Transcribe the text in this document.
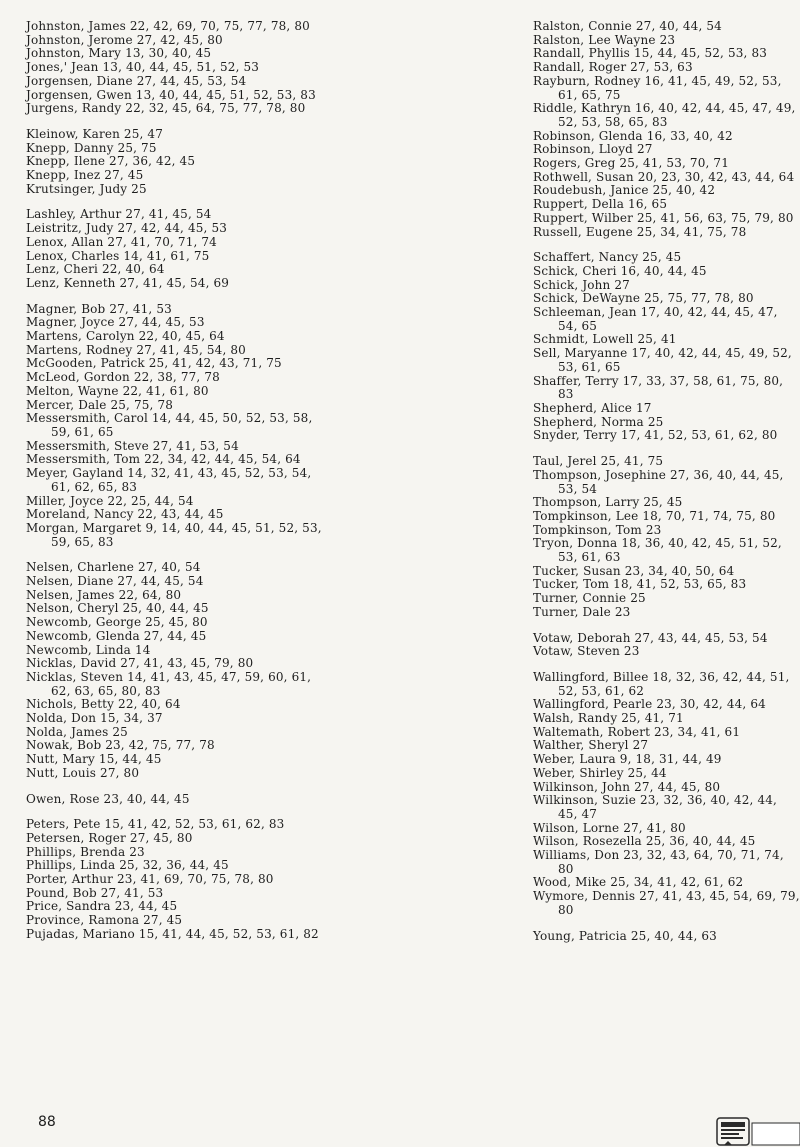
Johnston, James 22, 42, 69, 70, 75, 77, 78, 80
Johnston, Jerome 27, 42, 45, 80
Johnston, Mary 13, 30, 40, 45
Jones,' Jean 13, 40, 44, 45, 51, 52, 53
Jorgensen, Diane 27, 44, 45, 53, 54
Jorgensen, Gwen 13, 40, 44, 45, 51, 52, 53, 83
Jurgens, Randy 22, 32, 45, 64, 75, 77, 78, 80
Kleinow, Karen 25, 47
Knepp, Danny 25, 75
Knepp, Ilene 27, 36, 42, 45
Knepp, Inez 27, 45
Krutsinger, Judy 25
Lashley, Arthur 27, 41, 45, 54
Leistritz, Judy 27, 42, 44, 45, 53
Lenox, Allan 27, 41, 70, 71, 74
Lenox, Charles 14, 41, 61, 75
Lenz, Cheri 22, 40, 64
Lenz, Kenneth 27, 41, 45, 54, 69
Magner, Bob 27, 41, 53
Magner, Joyce 27, 44, 45, 53
Martens, Carolyn 22, 40, 45, 64
Martens, Rodney 27, 41, 45, 54, 80
McGooden, Patrick 25, 41, 42, 43, 71, 75
McLeod, Gordon 22, 38, 77, 78
Melton, Wayne 22, 41, 61, 80
Mercer, Dale 25, 75, 78
Messersmith, Carol 14, 44, 45, 50, 52, 53, 58, 59, 61, 65
Messersmith, Steve 27, 41, 53, 54
Messersmith, Tom 22, 34, 42, 44, 45, 54, 64
Meyer, Gayland 14, 32, 41, 43, 45, 52, 53, 54, 61, 62, 65, 83
Miller, Joyce 22, 25, 44, 54
Moreland, Nancy 22, 43, 44, 45
Morgan, Margaret 9, 14, 40, 44, 45, 51, 52, 53, 59, 65, 83
Nelsen, Charlene 27, 40, 54
Nelsen, Diane 27, 44, 45, 54
Nelsen, James 22, 64, 80
Nelson, Cheryl 25, 40, 44, 45
Newcomb, George 25, 45, 80
Newcomb, Glenda 27, 44, 45
Newcomb, Linda 14
Nicklas, David 27, 41, 43, 45, 79, 80
Nicklas, Steven 14, 41, 43, 45, 47, 59, 60, 61, 62, 63, 65, 80, 83
Nichols, Betty 22, 40, 64
Nolda, Don 15, 34, 37
Nolda, James 25
Nowak, Bob 23, 42, 75, 77, 78
Nutt, Mary 15, 44, 45
Nutt, Louis 27, 80
Owen, Rose 23, 40, 44, 45
Peters, Pete 15, 41, 42, 52, 53, 61, 62, 83
Petersen, Roger 27, 45, 80
Phillips, Brenda 23
Phillips, Linda 25, 32, 36, 44, 45
Porter, Arthur 23, 41, 69, 70, 75, 78, 80
Pound, Bob 27, 41, 53
Price, Sandra 23, 44, 45
Province, Ramona 27, 45
Pujadas, Mariano 15, 41, 44, 45, 52, 53, 61, 82
Ralston, Connie 27, 40, 44, 54
Ralston, Lee Wayne 23
Randall, Phyllis 15, 44, 45, 52, 53, 83
Randall, Roger 27, 53, 63
Rayburn, Rodney 16, 41, 45, 49, 52, 53, 61, 65, 75
Riddle, Kathryn 16, 40, 42, 44, 45, 47, 49, 52, 53, 58, 65, 83
Robinson, Glenda 16, 33, 40, 42
Robinson, Lloyd 27
Rogers, Greg 25, 41, 53, 70, 71
Rothwell, Susan 20, 23, 30, 42, 43, 44, 64
Roudebush, Janice 25, 40, 42
Ruppert, Della 16, 65
Ruppert, Wilber 25, 41, 56, 63, 75, 79, 80
Russell, Eugene 25, 34, 41, 75, 78
Schaffert, Nancy 25, 45
Schick, Cheri 16, 40, 44, 45
Schick, John 27
Schick, DeWayne 25, 75, 77, 78, 80
Schleeman, Jean 17, 40, 42, 44, 45, 47, 54, 65
Schmidt, Lowell 25, 41
Sell, Maryanne 17, 40, 42, 44, 45, 49, 52, 53, 61, 65
Shaffer, Terry 17, 33, 37, 58, 61, 75, 80, 83
Shepherd, Alice 17
Shepherd, Norma 25
Snyder, Terry 17, 41, 52, 53, 61, 62, 80
Taul, Jerel 25, 41, 75
Thompson, Josephine 27, 36, 40, 44, 45, 53, 54
Thompson, Larry 25, 45
Tompkinson, Lee 18, 70, 71, 74, 75, 80
Tompkinson, Tom 23
Tryon, Donna 18, 36, 40, 42, 45, 51, 52, 53, 61, 63
Tucker, Susan 23, 34, 40, 50, 64
Tucker, Tom 18, 41, 52, 53, 65, 83
Turner, Connie 25
Turner, Dale 23
Votaw, Deborah 27, 43, 44, 45, 53, 54
Votaw, Steven 23
Wallingford, Billee 18, 32, 36, 42, 44, 51, 52, 53, 61, 62
Wallingford, Pearle 23, 30, 42, 44, 64
Walsh, Randy 25, 41, 71
Waltemath, Robert 23, 34, 41, 61
Walther, Sheryl 27
Weber, Laura 9, 18, 31, 44, 49
Weber, Shirley 25, 44
Wilkinson, John 27, 44, 45, 80
Wilkinson, Suzie 23, 32, 36, 40, 42, 44, 45, 47
Wilson, Lorne 27, 41, 80
Wilson, Rosezella 25, 36, 40, 44, 45
Williams, Don 23, 32, 43, 64, 70, 71, 74, 80
Wood, Mike 25, 34, 41, 42, 61, 62
Wymore, Dennis 27, 41, 43, 45, 54, 69, 79, 80
Young, Patricia 25, 40, 44, 63
88
